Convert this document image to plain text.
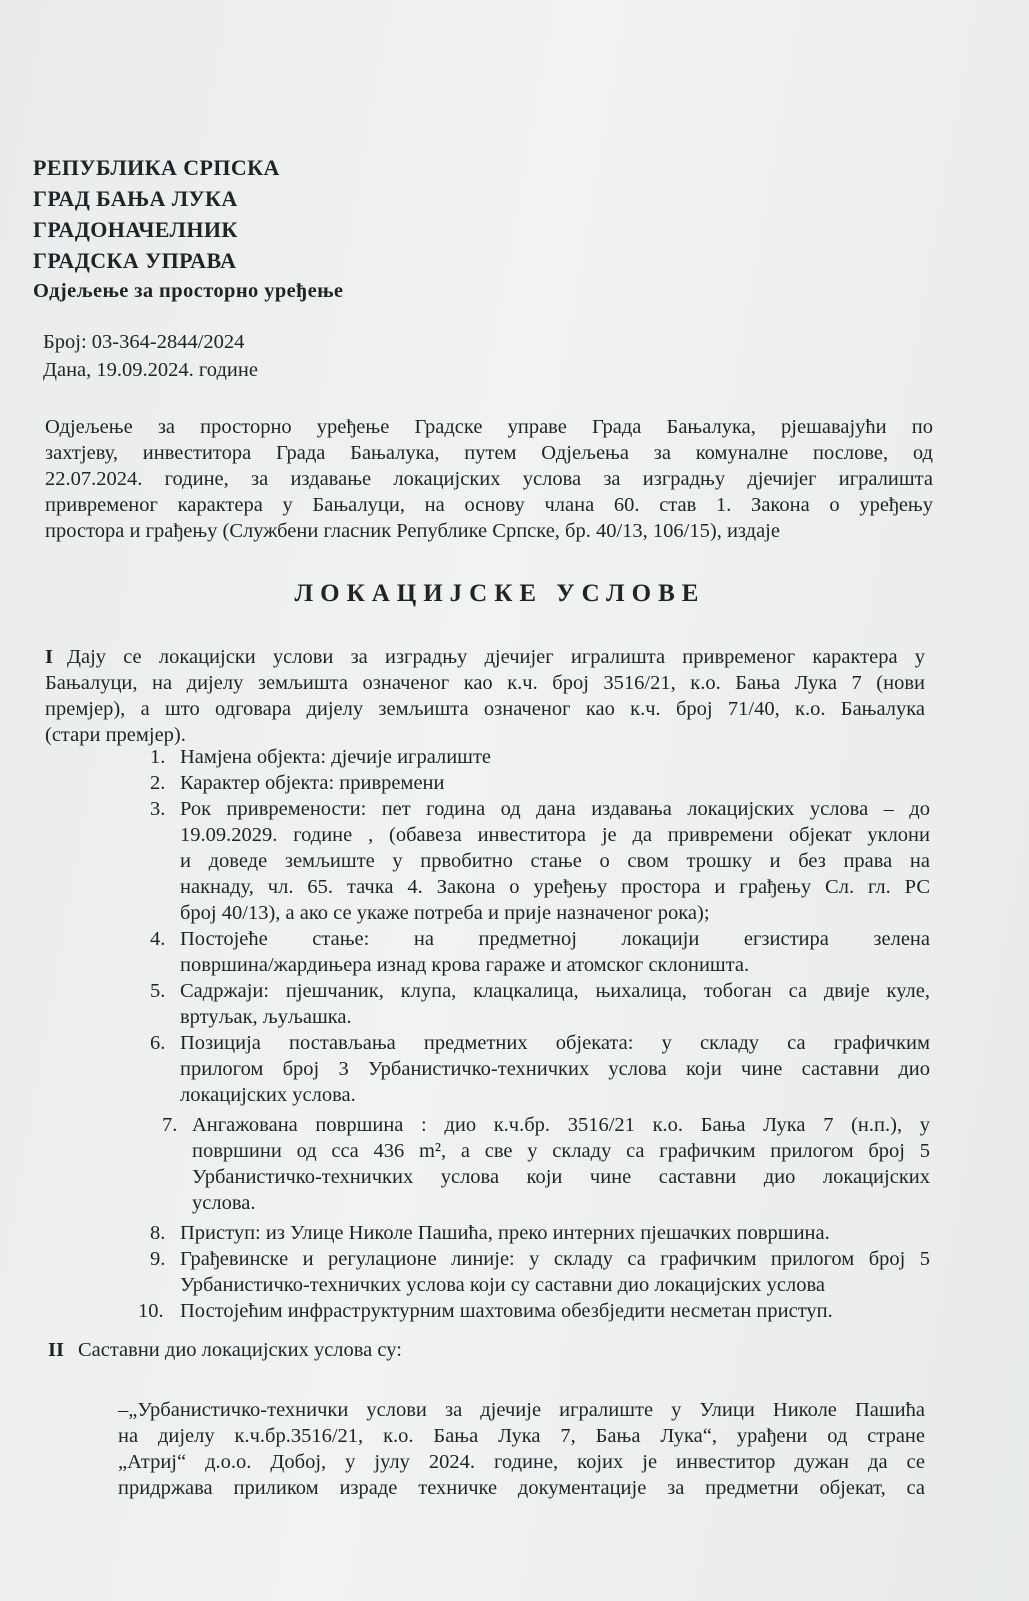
РЕПУБЛИКА СРПСКА
ГРАД БАЊА ЛУКА
ГРАДОНАЧЕЛНИК
ГРАДСКА УПРАВА
Одјељење за просторно уређење
Број: 03-364-2844/2024
Дана, 19.09.2024. године
Одјељење за просторно уређење Градске управе Града Бањалука, рјешавајући по
захтјеву, инвеститора Града Бањалука, путем Одјељења за комуналне послове, од
22.07.2024. године, за издавање локацијских услова за изградњу дјечијег игралишта
привременог карактера у Бањалуци, на основу члана 60. став 1. Закона о уређењу
простора и грађењу (Службени гласник Републике Српске, бр. 40/13, 106/15), издаје
ЛОКАЦИЈСКЕ УСЛОВЕ
I Дају се локацијски услови за изградњу дјечијег игралишта привременог карактера у
Бањалуци, на дијелу земљишта означеног као к.ч. број 3516/21, к.о. Бања Лука 7 (нови
премјер), а што одговара дијелу земљишта означеног као к.ч. број 71/40, к.о. Бањалука
(стари премјер).
1. Намјена објекта: дјечије игралиште
2. Карактер објекта: привремени
3. Рок привремености: пет година од дана издавања локацијских услова – до
19.09.2029. године , (обавеза инвеститора је да привремени објекат уклони
и доведе земљиште у првобитно стање о свом трошку и без права на
накнаду, чл. 65. тачка 4. Закона о уређењу простора и грађењу Сл. гл. РС
број 40/13), а ако се укаже потреба и прије назначеног рока);
4. Постојеће стање: на предметној локацији егзистира зелена
површина/жардињера изнад крова гараже и атомског склоништа.
5. Садржаји: пјешчаник, клупа, клацкалица, њихалица, тобоган са двије куле,
вртуљак, љуљашка.
6. Позиција постављања предметних објеката: у складу са графичким
прилогом број 3 Урбанистичко-техничких услова који чине саставни дио
локацијских услова.
7. Ангажована површина : дио к.ч.бр. 3516/21 к.о. Бања Лука 7 (н.п.), у
површини од cca 436 m², а све у складу са графичким прилогом број 5
Урбанистичко-техничких услова који чине саставни дио локацијских
услова.
8. Приступ: из Улице Николе Пашића, преко интерних пјешачких површина.
9. Грађевинске и регулационе линије: у складу са графичким прилогом број 5
Урбанистичко-техничких услова који су саставни дио локацијских услова
10. Постојећим инфраструктурним шахтовима обезбједити несметан приступ.
II Саставни дио локацијских услова су:
–„Урбанистичко-технички услови за дјечије игралиште у Улици Николе Пашића
на дијелу к.ч.бр.3516/21, к.о. Бања Лука 7, Бања Лука“, урађени од стране
„Атриј“ д.о.о. Добој, у јулу 2024. године, којих је инвеститор дужан да се
придржава приликом израде техничке документације за предметни објекат, са
